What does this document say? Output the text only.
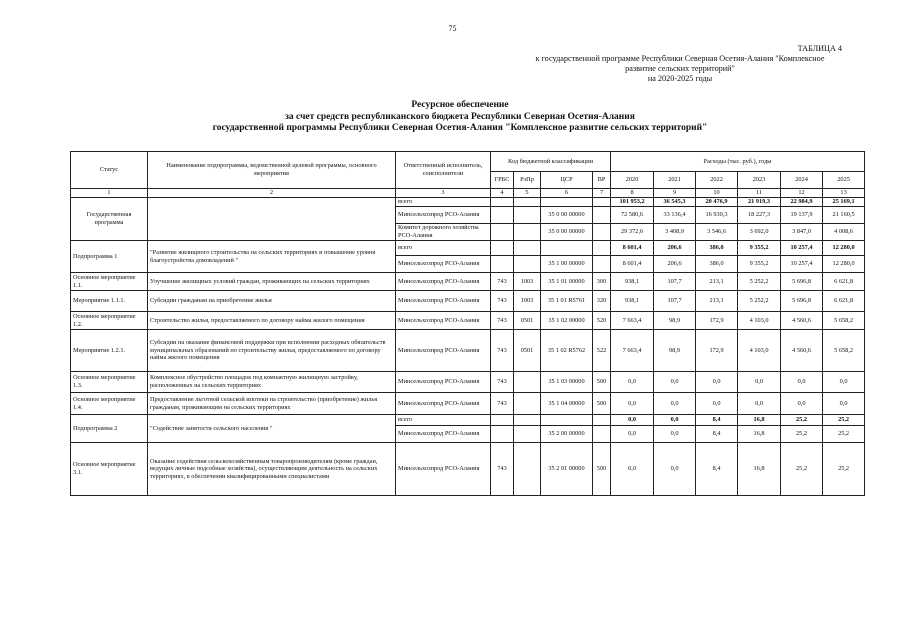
75
ТАБЛИЦА 4
к государственной программе Республики Северная Осетия-Алания "Комплексное
развитие сельских территорий"
на 2020-2025 годы
Ресурсное обеспечение
за счет средств республиканского бюджета Республики Северная Осетия-Алания
государственной программы Республики Северная Осетия-Алания "Комплексное развитие сельских территорий"
Статус	Наименование подпрограммы, ведомственной целевой программы, основного мероприятия	Ответственный исполнитель, соисполнители	Код бюджетной классификации				Расходы (тыс. руб.), годы					
			ГРБС	РзПр	ЦСР	ВР	2020	2021	2022	2023	2024	2025
1	2	3	4	5	6	7	8	9	10	11	12	13
Государственная программа		всего					101 953,2	36 545,3	20 476,9	21 919,3	22 984,9	25 169,1
		Минсельхозпрод РСО-Алания			35 0 00 00000		72 580,6	33 136,4	16 930,3	18 227,3	19 137,9	21 160,5
		Комитет дорожного хозяйства РСО-Алания			35 0 00 00000		29 372,6	3 408,9	3 546,6	3 692,0	3 847,0	4 008,6
Подпрограмма 1	"Развитие жилищного строительства на сельских территориях и повышение уровня благоустройства домовладений "	всего					8 601,4	206,6	386,0	9 355,2	10 257,4	12 280,0
		Минсельхозпрод РСО-Алания			35 1 00 00000		8 601,4	206,6	386,0	9 355,2	10 257,4	12 280,0
Основное мероприятие 1.1.	Улучшение жилищных условий граждан, проживающих на сельских территориях	Минсельхозпрод РСО-Алания	743	1003	35 1 01 00000	300	938,1	107,7	213,1	5 252,2	5 696,8	6 621,8
Мероприятие 1.1.1.	Субсидии гражданам на приобретение жилья	Минсельхозпрод РСО-Алания	743	1003	35 1 01 R5761	320	938,1	107,7	213,1	5 252,2	5 696,8	6 621,8
Основное мероприятие 1.2.	Строительство жилья, предоставляемого по договору найма жилого помещения	Минсельхозпрод РСО-Алания	743	0501	35 1 02 00000	520	7 663,4	98,9	172,9	4 103,0	4 560,6	5 658,2
Мероприятие 1.2.1.	Субсидии на оказание финансовой поддержки при исполнении расходных обязательств муниципальных образований по строительству жилья, предоставляемого по договору найма жилого помещения	Минсельхозпрод РСО-Алания	743	0501	35 1 02 R5762	522	7 663,4	98,9	172,9	4 103,0	4 560,6	5 658,2
Основное мероприятие 1.3.	Комплексное обустройство площадок под компактную жилищную застройку, расположенных на сельских территориях	Минсельхозпрод РСО-Алания	743		35 1 03 00000	500	0,0	0,0	0,0	0,0	0,0	0,0
Основное мероприятие 1.4.	Предоставление льготной сельской ипотеки на строительство (приобретение) жилья гражданам, проживающим на сельских территориях	Минсельхозпрод РСО-Алания	743		35 1 04 00000	500	0,0	0,0	0,0	0,0	0,0	0,0
Подпрограмма 2	"Содействие занятости сельского населения "	всего					0,0	0,0	8,4	16,8	25,2	25,2
		Минсельхозпрод РСО-Алания			35 2 00 00000		0,0	0,0	8,4	16,8	25,2	25,2
Основное мероприятие 3.1.	Оказание содействия сельскохозяйственным товаропроизводителям (кроме граждан, ведущих личные подсобные хозяйства), осуществляющим деятельность на сельских территориях, в обеспечении квалифицированными специалистами	Минсельхозпрод РСО-Алания	743		35 2 01 00000	500	0,0	0,0	8,4	16,8	25,2	25,2
